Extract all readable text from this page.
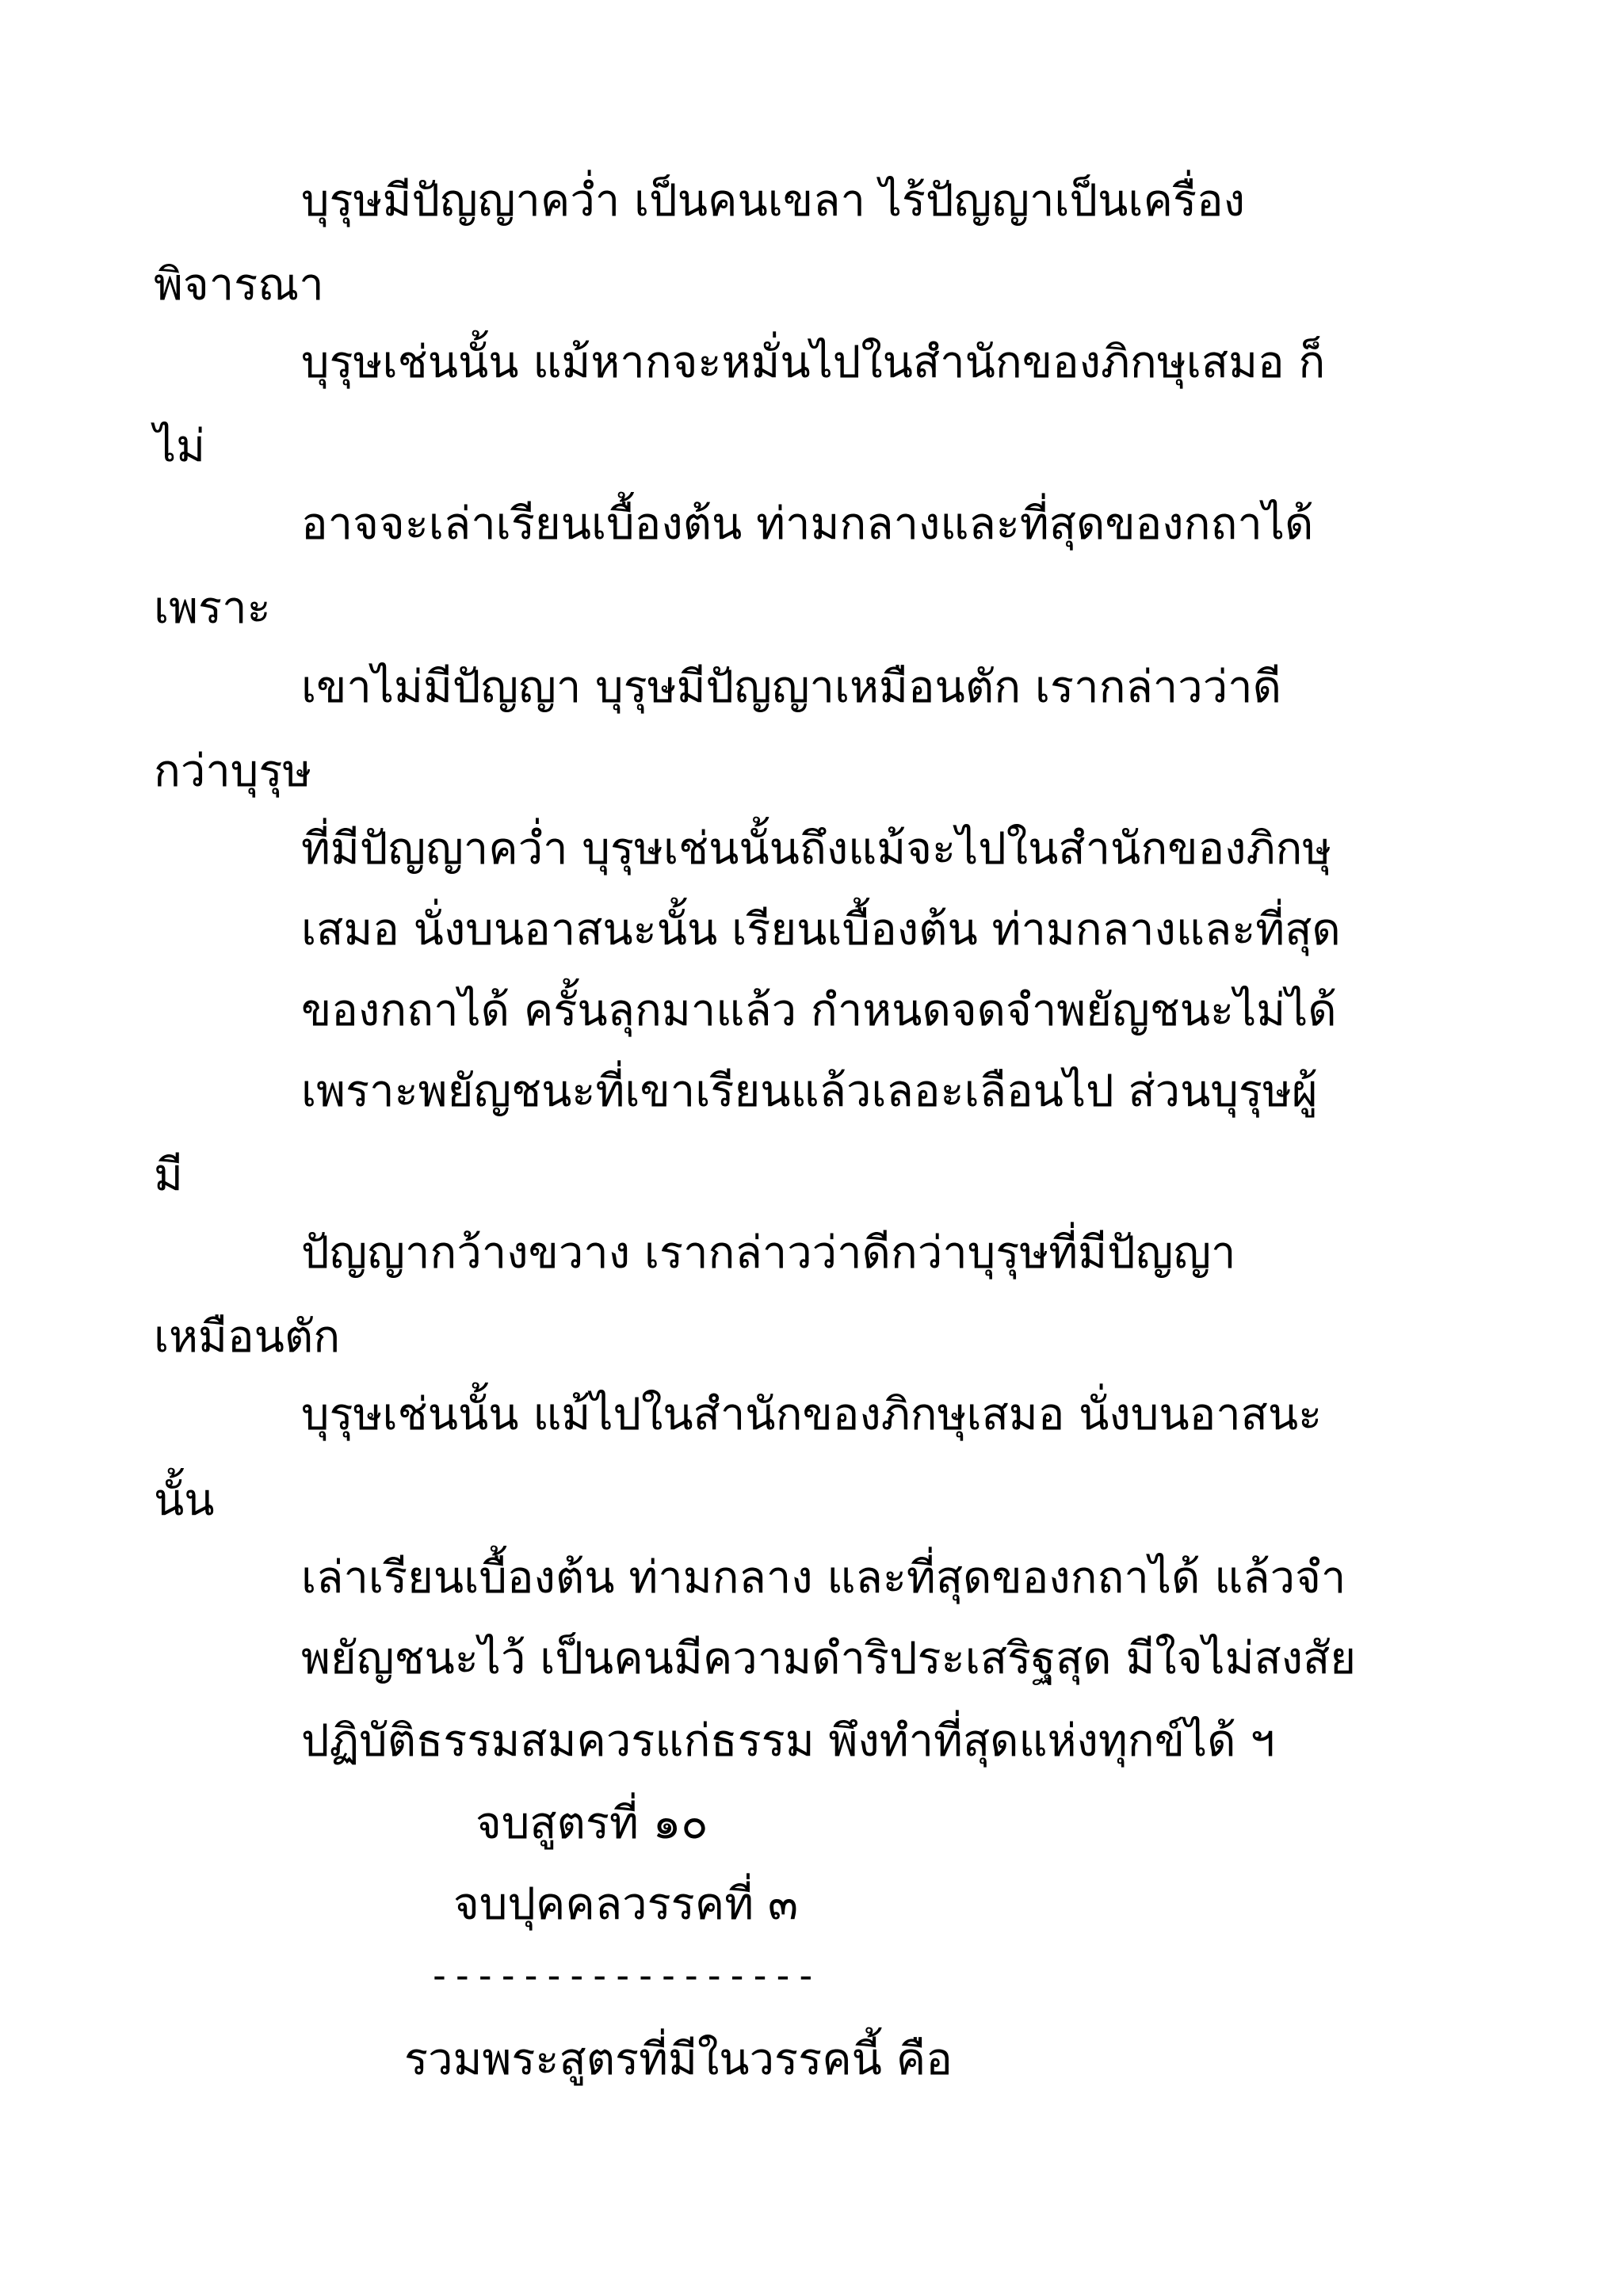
บุรุษมีปัญญาคว่ำ เป็นคนเขลา ไร้ปัญญาเป็นเครื่อง
พิจารณา
บุรุษเช่นนั้น แม้หากจะหมั่นไปในสำนักของภิกษุเสมอ ก็
ไม่
อาจจะเล่าเรียนเบื้องต้น ท่ามกลางและที่สุดของกถาได้
เพราะ
เขาไม่มีปัญญา บุรุษมีปัญญาเหมือนตัก เรากล่าวว่าดี
กว่าบุรุษ
ที่มีปัญญาคว่ำ บุรุษเช่นนั้นถึงแม้จะไปในสำนักของภิกษุ
เสมอ นั่งบนอาสนะนั้น เรียนเบื้องต้น ท่ามกลางและที่สุด
ของกถาได้ ครั้นลุกมาแล้ว กำหนดจดจำพยัญชนะไม่ได้
เพราะพยัญชนะที่เขาเรียนแล้วเลอะเลือนไป ส่วนบุรุษผู้
มี
ปัญญากว้างขวาง เรากล่าวว่าดีกว่าบุรุษที่มีปัญญา
เหมือนตัก
บุรุษเช่นนั้น แม้ไปในสำนักของภิกษุเสมอ นั่งบนอาสนะ
นั้น
เล่าเรียนเบื้องต้น ท่ามกลาง และที่สุดของกถาได้ แล้วจำ
พยัญชนะไว้ เป็นคนมีความดำริประเสริฐสุด มีใจไม่สงสัย
ปฏิบัติธรรมสมควรแก่ธรรม พึงทำที่สุดแห่งทุกข์ได้ ฯ
จบสูตรที่ ๑๐
จบปุคคลวรรคที่ ๓
-----------------
รวมพระสูตรที่มีในวรรคนี้ คือ
